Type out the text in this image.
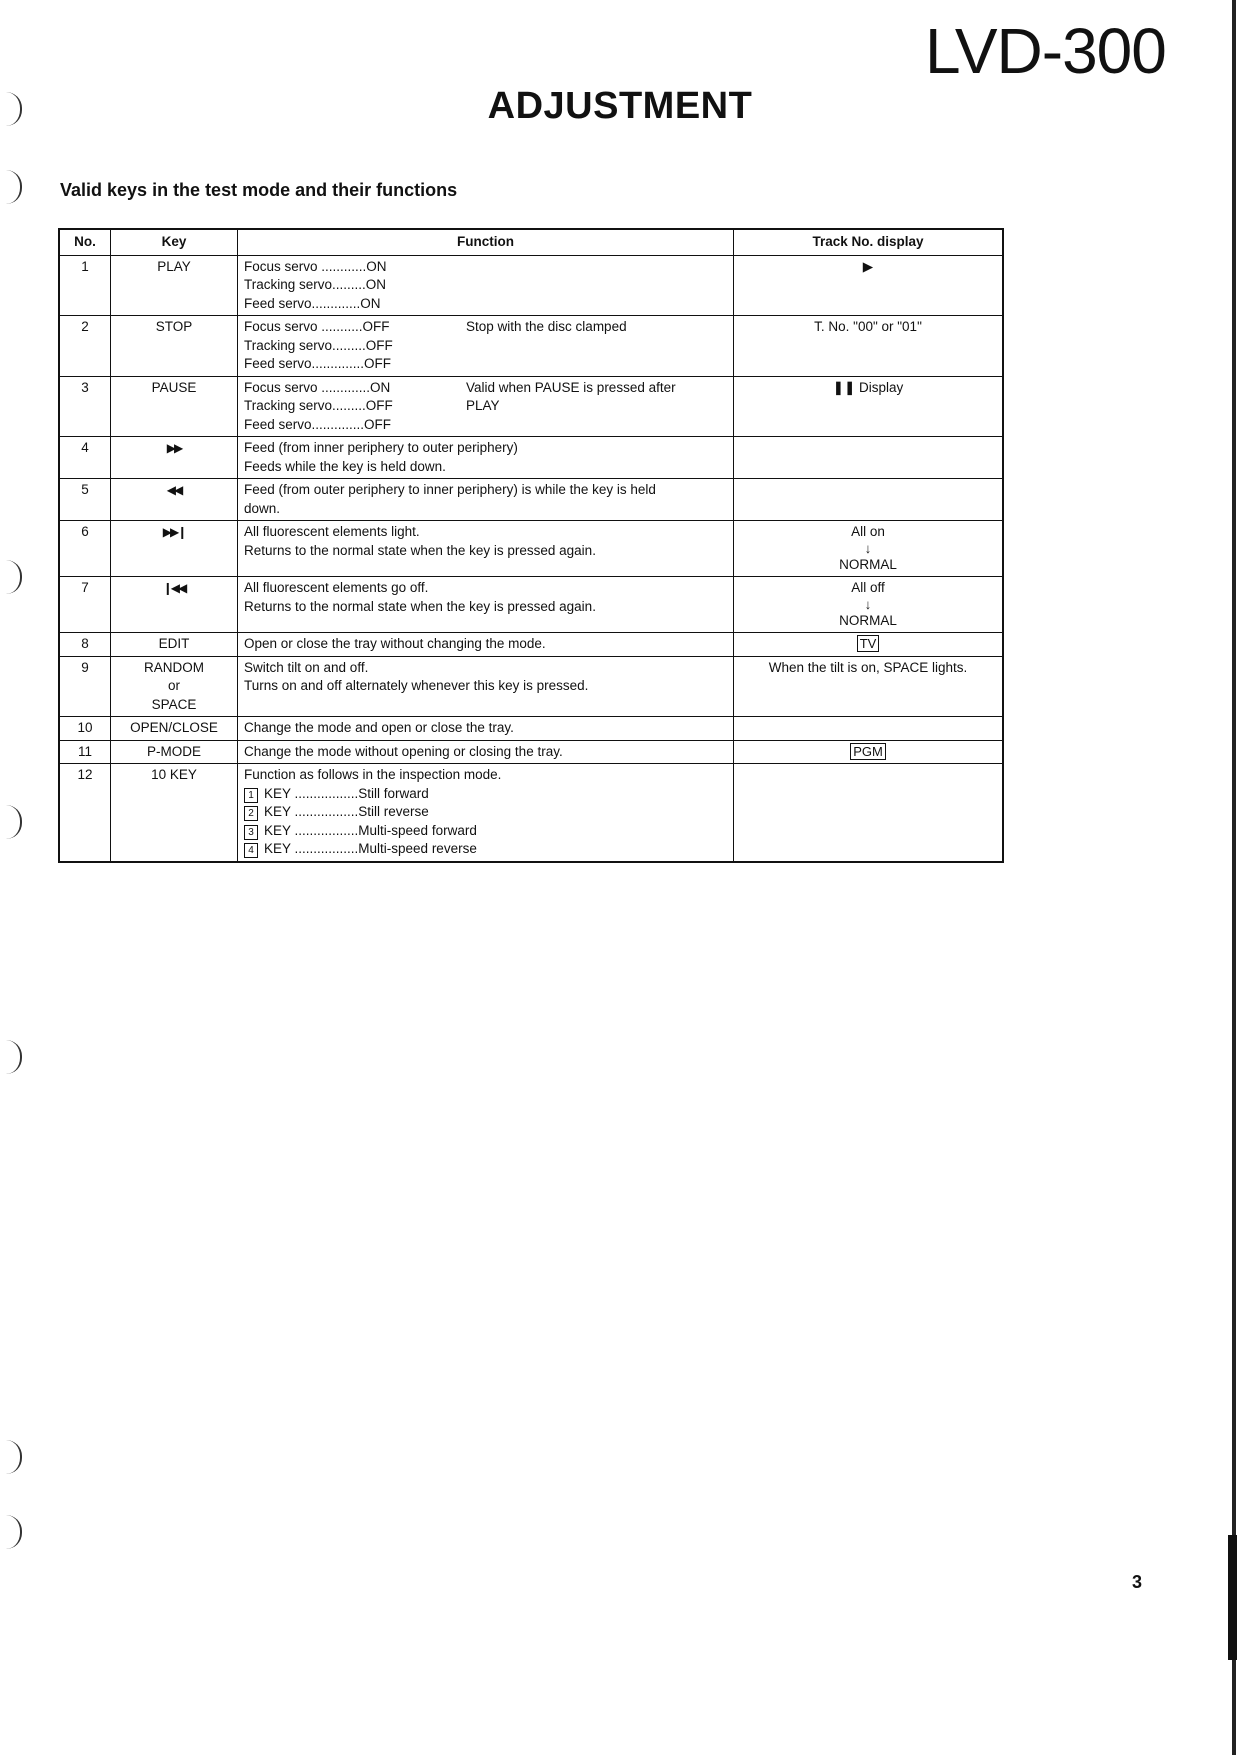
LVD-300
ADJUSTMENT
Valid keys in the test mode and their functions
No.	Key	Function	Track No. display
1	PLAY	Focus servo ............ON
Tracking servo.........ON
Feed servo.............ON	▶
2	STOP	Focus servo ...........OFF
Tracking servo.........OFF
Feed servo..............OFF
Stop with the disc clamped	T. No. "00" or "01"
3	PAUSE	Focus servo .............ON
Tracking servo.........OFF
Feed servo..............OFF
Valid when PAUSE is pressed after
PLAY	❚❚ Display
4	▶▶	Feed (from inner periphery to outer periphery)
Feeds while the key is held down.	

5	◀◀	Feed (from outer periphery to inner periphery) is while the key is held
down.	

6	▶▶❙	All fluorescent elements light.
Returns to the normal state when the key is pressed again.	All on
↓
NORMAL

7	❙◀◀	All fluorescent elements go off.
Returns to the normal state when the key is pressed again.	All off
↓
NORMAL

8	EDIT	Open or close the tray without changing the mode.	TV
9	RANDOM
or
SPACE	Switch tilt on and off.
Turns on and off alternately whenever this key is pressed.	When the tilt is on, SPACE lights.
10	OPEN/CLOSE	Change the mode and open or close the tray.	

11	P-MODE	Change the mode without opening or closing the tray.	PGM
12	10 KEY	Function as follows in the inspection mode.
1 KEY .................Still forward
2 KEY .................Still reverse
3 KEY .................Multi-speed forward
4 KEY .................Multi-speed reverse	

3
